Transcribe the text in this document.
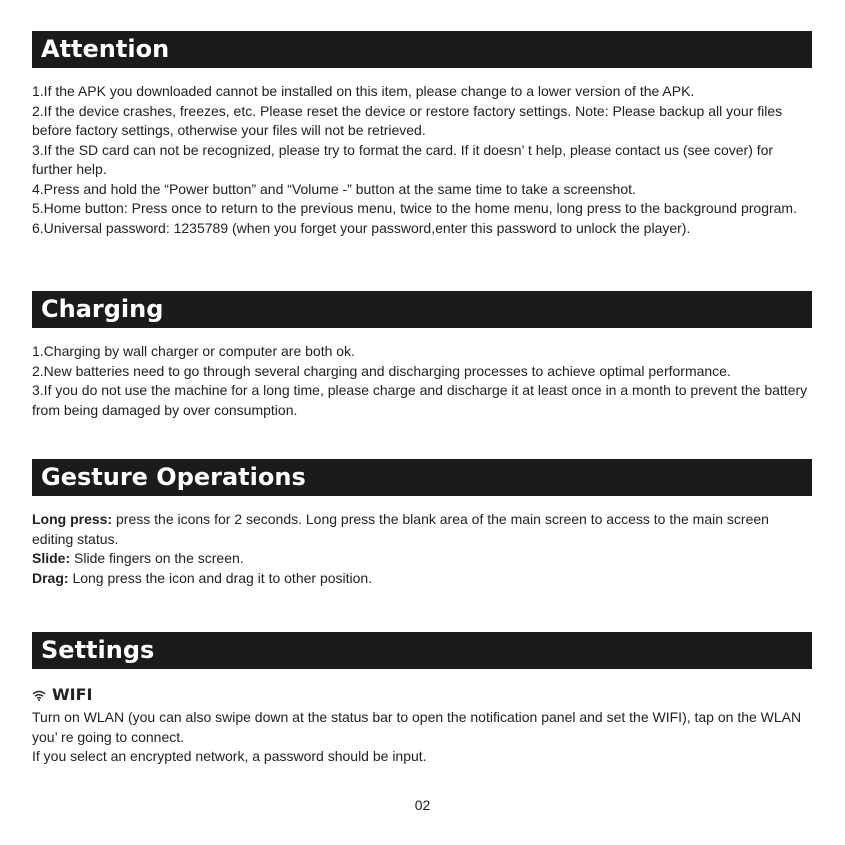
Attention

1.If the APK you downloaded cannot be installed on this item, please change to a lower version of the APK.

2.If the device crashes, freezes, etc. Please reset the device or restore factory settings. Note: Please backup all your files before factory settings, otherwise your files will not be retrieved.

3.If the SD card can not be recognized, please try to format the card. If it doesn’ t help, please contact us (see cover) for further help.

4.Press and hold the “Power button” and “Volume -” button at the same time to take a screenshot.

5.Home button: Press once to return to the previous menu, twice to the home menu, long press to the background program.

6.Universal password: 1235789 (when you forget your password,enter this password to unlock the player).

Charging

1.Charging by wall charger or computer are both ok.

2.New batteries need to go through several charging and discharging processes to achieve optimal performance.

3.If you do not use the machine for a long time, please charge and discharge it at least once in a month to prevent the battery from being damaged by over consumption.

Gesture Operations

Long press: press the icons for 2 seconds. Long press the blank area of the main screen to access to the main screen editing status.

Slide: Slide fingers on the screen.

Drag: Long press the icon and drag it to other position.

Settings
WIFI

Turn on WLAN (you can also swipe down at the status bar to open the notification panel and set the WIFI), tap on the WLAN you’ re going to connect.

If you select an encrypted network, a password should be input.

02
